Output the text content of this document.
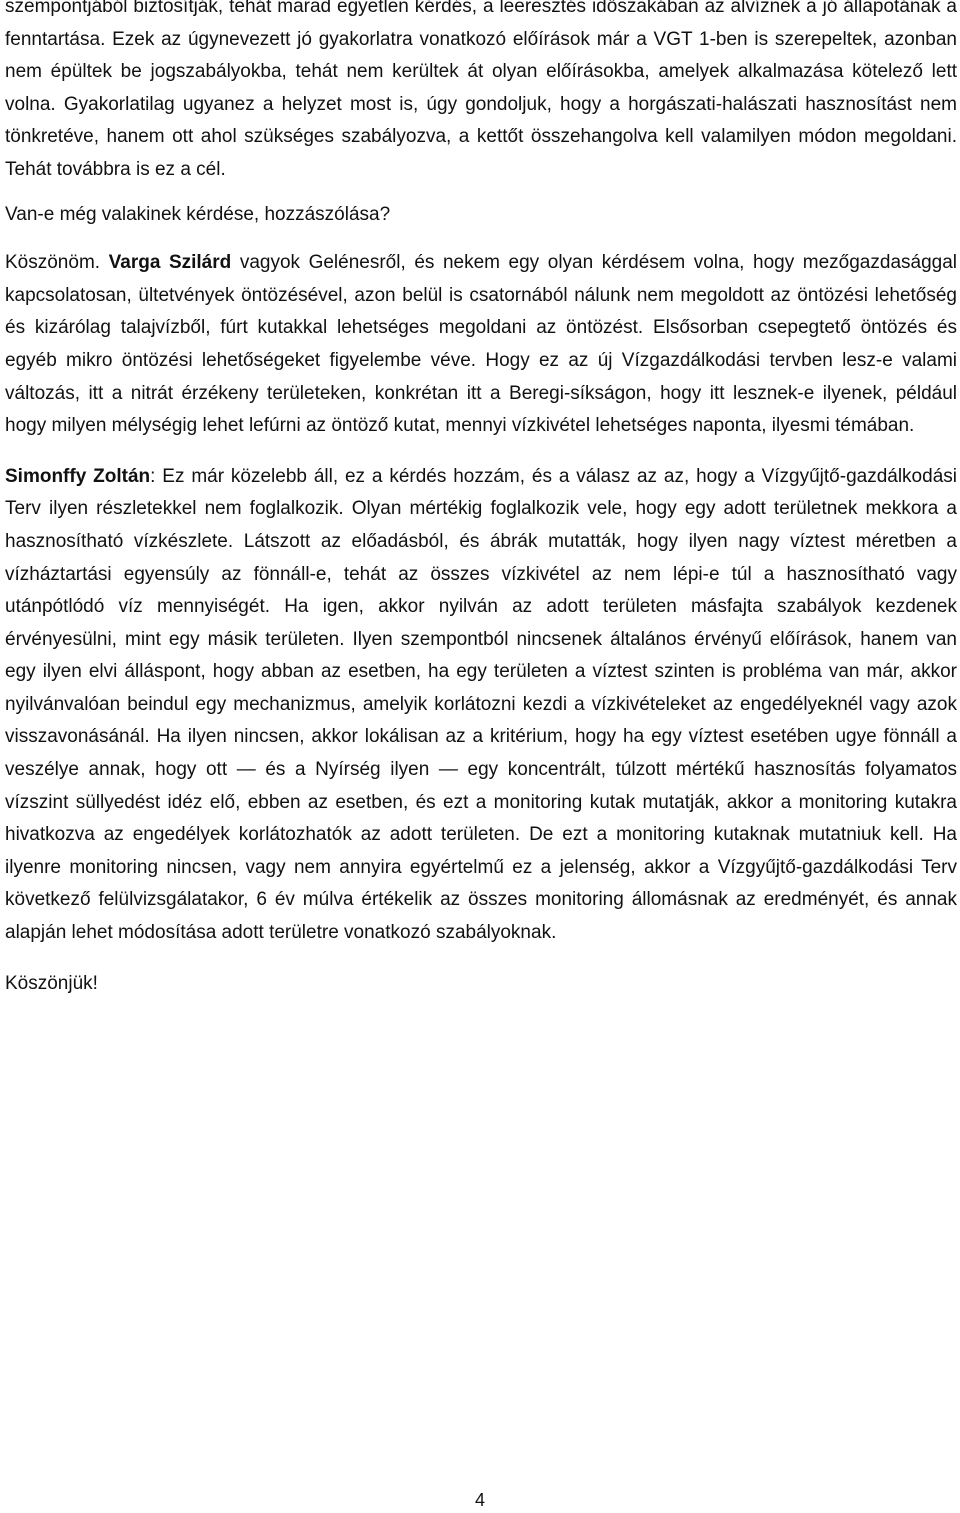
szempontjából biztosítják, tehát marad egyetlen kérdés, a leeresztés időszakában az alvíznek a jó állapotának a fenntartása. Ezek az úgynevezett jó gyakorlatra vonatkozó előírások már a VGT 1-ben is szerepeltek, azonban nem épültek be jogszabályokba, tehát nem kerültek át olyan előírásokba, amelyek alkalmazása kötelező lett volna. Gyakorlatilag ugyanez a helyzet most is, úgy gondoljuk, hogy a horgászati-halászati hasznosítást nem tönkretéve, hanem ott ahol szükséges szabályozva, a kettőt összehangolva kell valamilyen módon megoldani. Tehát továbbra is ez a cél.

Van-e még valakinek kérdése, hozzászólása?

Köszönöm. Varga Szilárd vagyok Gelénesről, és nekem egy olyan kérdésem volna, hogy mezőgazdasággal kapcsolatosan, ültetvények öntözésével, azon belül is csatornából nálunk nem megoldott az öntözési lehetőség és kizárólag talajvízből, fúrt kutakkal lehetséges megoldani az öntözést. Elsősorban csepegtető öntözés és egyéb mikro öntözési lehetőségeket figyelembe véve. Hogy ez az új Vízgazdálkodási tervben lesz-e valami változás, itt a nitrát érzékeny területeken, konkrétan itt a Beregi-síkságon, hogy itt lesznek-e ilyenek, például hogy milyen mélységig lehet lefúrni az öntöző kutat, mennyi vízkivétel lehetséges naponta, ilyesmi témában.

Simonffy Zoltán: Ez már közelebb áll, ez a kérdés hozzám, és a válasz az az, hogy a Vízgyűjtő-gazdálkodási Terv ilyen részletekkel nem foglalkozik. Olyan mértékig foglalkozik vele, hogy egy adott területnek mekkora a hasznosítható vízkészlete. Látszott az előadásból, és ábrák mutatták, hogy ilyen nagy víztest méretben a vízháztartási egyensúly az fönnáll-e, tehát az összes vízkivétel az nem lépi-e túl a hasznosítható vagy utánpótlódó víz mennyiségét. Ha igen, akkor nyilván az adott területen másfajta szabályok kezdenek érvényesülni, mint egy másik területen. Ilyen szempontból nincsenek általános érvényű előírások, hanem van egy ilyen elvi álláspont, hogy abban az esetben, ha egy területen a víztest szinten is probléma van már, akkor nyilvánvalóan beindul egy mechanizmus, amelyik korlátozni kezdi a vízkivételeket az engedélyeknél vagy azok visszavonásánál. Ha ilyen nincsen, akkor lokálisan az a kritérium, hogy ha egy víztest esetében ugye fönnáll a veszélye annak, hogy ott — és a Nyírség ilyen — egy koncentrált, túlzott mértékű hasznosítás folyamatos vízszint süllyedést idéz elő, ebben az esetben, és ezt a monitoring kutak mutatják, akkor a monitoring kutakra hivatkozva az engedélyek korlátozhatók az adott területen. De ezt a monitoring kutaknak mutatniuk kell. Ha ilyenre monitoring nincsen, vagy nem annyira egyértelmű ez a jelenség, akkor a Vízgyűjtő-gazdálkodási Terv következő felülvizsgálatakor, 6 év múlva értékelik az összes monitoring állomásnak az eredményét, és annak alapján lehet módosítása adott területre vonatkozó szabályoknak.

Köszönjük!

4
